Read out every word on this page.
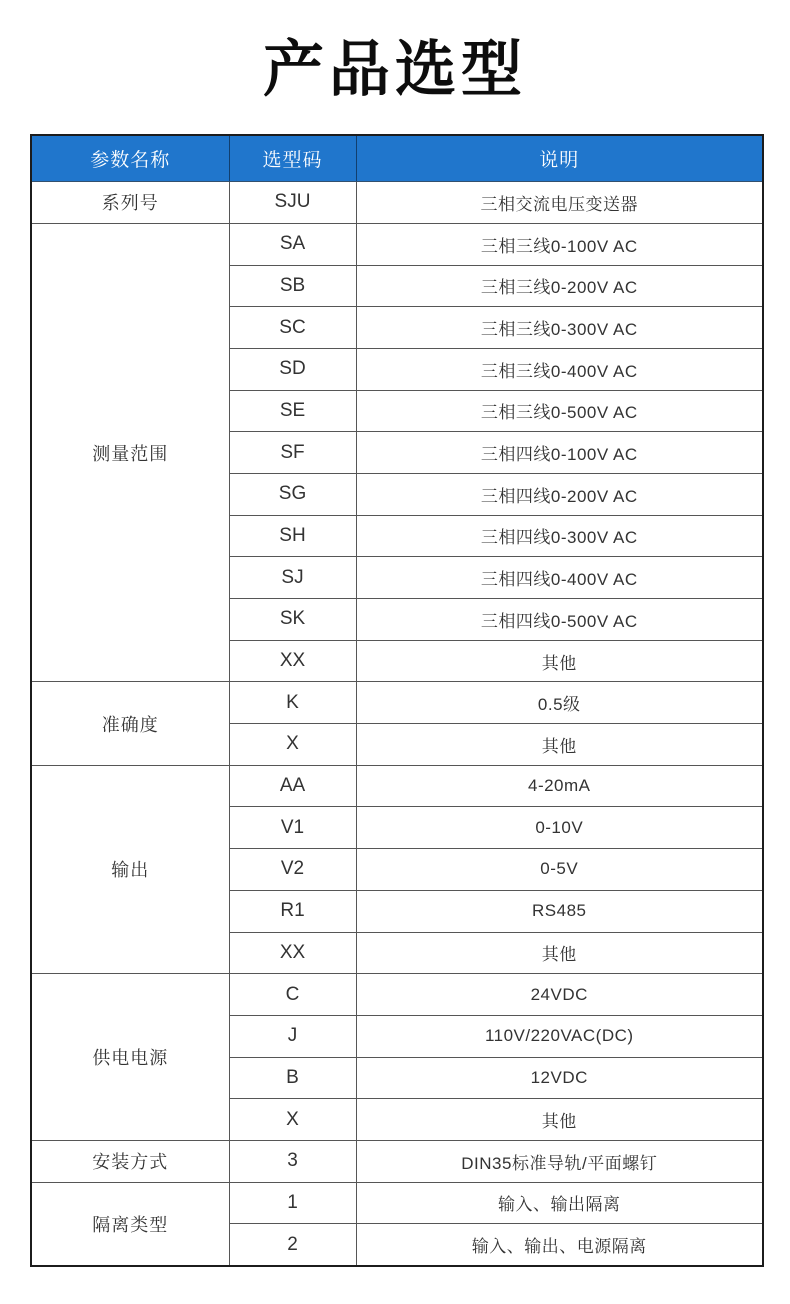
产品选型
参数名称	选型码	说明
系列号	SJU	三相交流电压变送器
测量范围	SA	三相三线0-100V AC
	SB	三相三线0-200V AC
	SC	三相三线0-300V AC
	SD	三相三线0-400V AC
	SE	三相三线0-500V AC
	SF	三相四线0-100V AC
	SG	三相四线0-200V AC
	SH	三相四线0-300V AC
	SJ	三相四线0-400V AC
	SK	三相四线0-500V AC
	XX	其他
准确度	K	0.5级
	X	其他
输出	AA	4-20mA
	V1	0-10V
	V2	0-5V
	R1	RS485
	XX	其他
供电电源	C	24VDC
	J	110V/220VAC(DC)
	B	12VDC
	X	其他
安装方式	3	DIN35标准导轨/平面螺钉
隔离类型	1	输入、输出隔离
	2	输入、输出、电源隔离
